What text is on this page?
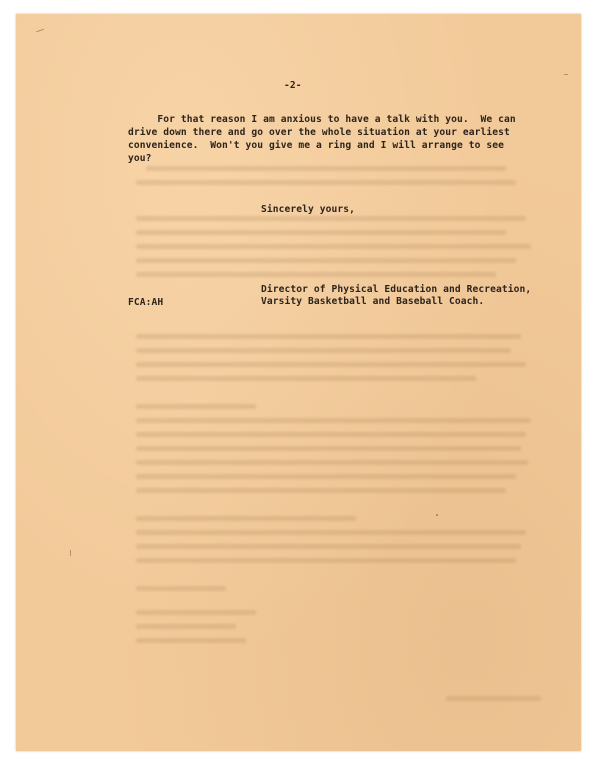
-2-
For that reason I am anxious to have a talk with you.  We can
drive down there and go over the whole situation at your earliest
convenience.  Won't you give me a ring and I will arrange to see
you?
Sincerely yours,
Director of Physical Education and Recreation,
Varsity Basketball and Baseball Coach.
FCA:AH
